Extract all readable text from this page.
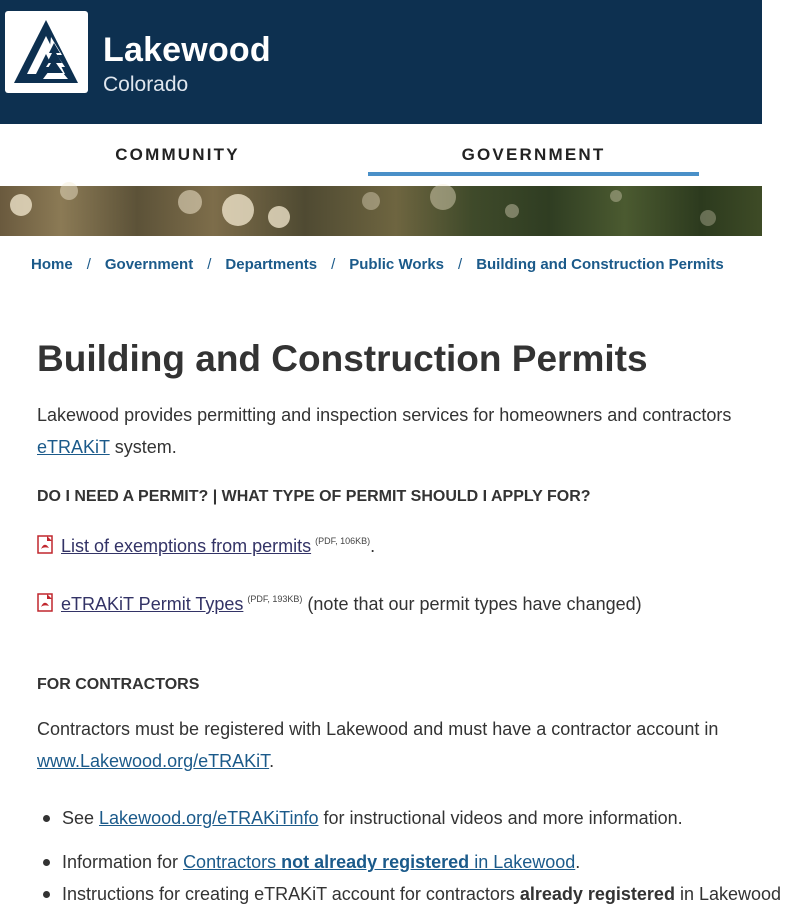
Lakewood
Colorado
COMMUNITY	GOVERNMENT
Home / Government / Departments / Public Works / Building and Construction Permits
Building and Construction Permits
Lakewood provides permitting and inspection services for homeowners and contractors
eTRAKiT system.
DO I NEED A PERMIT? | WHAT TYPE OF PERMIT SHOULD I APPLY FOR?
List of exemptions from permits $^{(PDF, 106KB)}$.
eTRAKiT Permit Types $^{(PDF, 193KB)}$ (note that our permit types have changed)
FOR CONTRACTORS
Contractors must be registered with Lakewood and must have a contractor account in
www.Lakewood.org/eTRAKiT.
See Lakewood.org/eTRAKiTinfo for instructional videos and more information.
Information for Contractors not already registered in Lakewood.
Instructions for creating eTRAKiT account for contractors already registered in Lakewood
